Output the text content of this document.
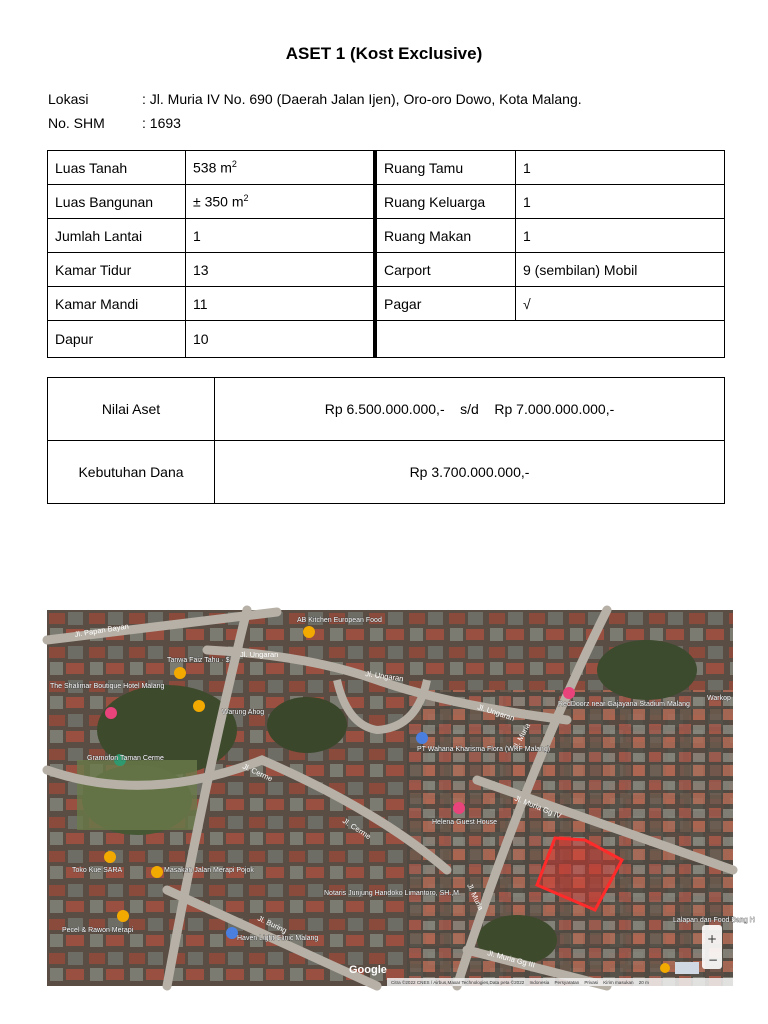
ASET 1 (Kost Exclusive)
Lokasi	: Jl. Muria IV No. 690 (Daerah Jalan Ijen), Oro-oro Dowo, Kota Malang.
No. SHM	: 1693
Luas Tanah	538 $m^2$	Ruang Tamu	1
Luas Bangunan	± 350 $m^2$	Ruang Keluarga	1
Jumlah Lantai	1	Ruang Makan	1
Kamar Tidur	13	Carport	9 (sembilan) Mobil
Kamar Mandi	11	Pagar	√
Dapur	10		
Nilai Aset	Rp 6.500.000.000,-    s/d    Rp 7.000.000.000,-
Kebutuhan Dana	Rp 3.700.000.000,-
Jl. Papan Bayan
Jl. Ungaran
Jl. Ungaran
Jl. Ungaran
Jl. Cerme
Jl. Cerme
Jl. Muria
Jl. Muria Gg IV
Jl. Muria
Jl. Buring
Jl. Muria Gg III
AB Kitchen European Food
Tanwa Faiz Tahu · $
The Shalimar Boutique Hotel Malang
Warung Ahog
Gramofon Taman Cerme
PT Wahana Kharisma Flora (WKF Malang)
RedDoorz near Gajayana Stadium Malang
Helena Guest House
Toko Kue SARA	Masakan Jalan Merapi Pojok
Notaris Junjung Handoko Limantoro, SH.,M.
Pecel & Rawon Merapi
Haven Light Clinic Malang
Warkop
Lalapan dan Food Bang H
Google
+
−
Citra ©2022 CNES / Airbus,Maxar Technologies,Data peta ©2022    Indonesia    Persyaratan    Privasi    Kirim masukan    20 m
